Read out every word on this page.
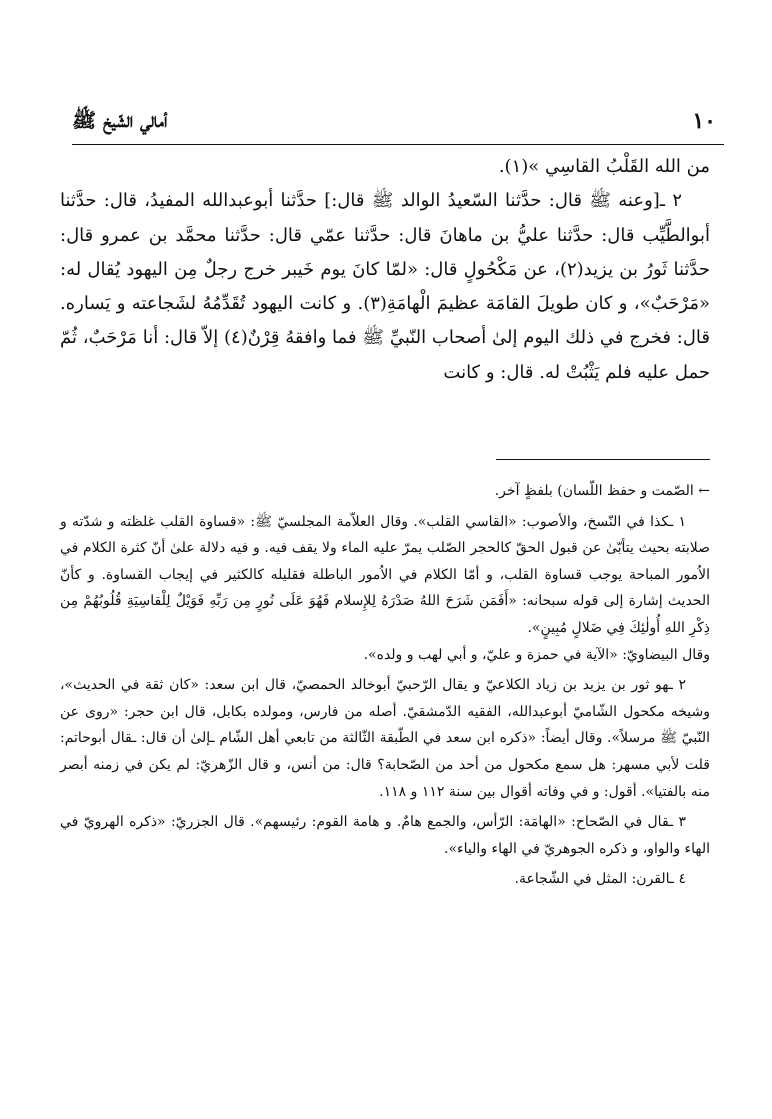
١٠
أمالي الشّيخ ﷺ

من الله القَلْبُ القاسِي »(١).

٢ ـ[وعنه ﷺ قال: حدَّثنا السّعيدُ الوالد ﷺ قال:] حدَّثنا أبوعبدالله المفيدُ، قال: حدَّثنا أبوالطَّيِّب قال: حدَّثنا عليُّ بن ماهانَ قال: حدَّثنا عمّي قال: حدَّثنا محمَّد بن عمرو قال: حدَّثنا ثَورُ بن يزيد(٢)، عن مَكْحُولٍ قال: «لمّا كانَ يوم خَيبر خرج رجلٌ مِن اليهود يُقال له: «مَرْحَبٌ»، و كان طويلَ القامَة عظيمَ الْهامَةِ(٣). و كانت اليهود تُقَدِّمُهُ لشَجاعته و يَساره. قال: فخرج في ذلك اليوم إلىٰ أصحاب النّبيِّ ﷺ فما وافقهُ قِرْنٌ(٤) إلاّ قال: أنا مَرْحَبٌ، ثُمّ حمل عليه فلم يَثْبُتْ له. قال: و كانت

← الصّمت و حفظ اللّسان) بلفظٍ آخر.

١ ـكذا في النّسخ، والأصوب: «القاسي القلب». وقال العلاّمة المجلسيّ ﷺ: «قساوة القلب غلظته و شدّته و صلابته بحيث يتأبّىٰ عن قبول الحقّ كالحجر الصّلب يمرّ عليه الماء ولا يقف فيه. و فيه دلالة علىٰ أنّ كثرة الكلام في الاُمور المباحة يوجب قساوة القلب، و أمّا الكلام في الاُمور الباطلة فقليله كالكثير في إيجاب القساوة. و كأنّ الحديث إشارة إلى قوله سبحانه: «أَفَمَن شَرَحَ اللهُ صَدْرَهُ لِلإِسلام فَهُوَ عَلَى نُورٍ مِن رَبِّهِ فَوَيْلٌ لِلْقاسِيَةِ قُلُوبُهُمْ مِن ذِكْرِ اللهِ أُولٰئِكَ فِي ضَلالٍ مُبِينٍ».

وقال البيضاويّ: «الآية في حمزة و عليّ، و أبي لهب و ولده».

٢ ـهو ثور بن يزيد بن زياد الكلاعيّ و يقال الرّحبيّ أبوخالد الحمصيّ، قال ابن سعد: «كان ثقة في الحديث»، وشيخه مكحول الشّاميّ أبوعبدالله، الفقيه الدّمشقيّ. أصله من فارس، ومولده بكابل، قال ابن حجر: «روى عن النّبيّ ﷺ مرسلاً». وقال أيضاً: «ذكره ابن سعد في الطّبقة الثّالثة من تابعي أهل الشّام ـإلىٰ أن قال: ـقال أبوحاتم: قلت لأبي مسهر: هل سمع مكحول من أحد من الصّحابة؟ قال: من أنس، و قال الزّهريّ: لم يكن في زمنه أبصر منه بالفتيا». أقول: و في وفاته أقوال بين سنة ١١٢ و ١١٨.

٣ ـقال في الصّحاح: «الهامَة: الرّأس، والجمع هامٌ. و هامة القوم: رئيسهم». قال الجزريّ: «ذكره الهرويّ في الهاء والواو، و ذكره الجوهريّ في الهاء والياء».

٤ ـالقرن: المثل في الشّجاعة.
